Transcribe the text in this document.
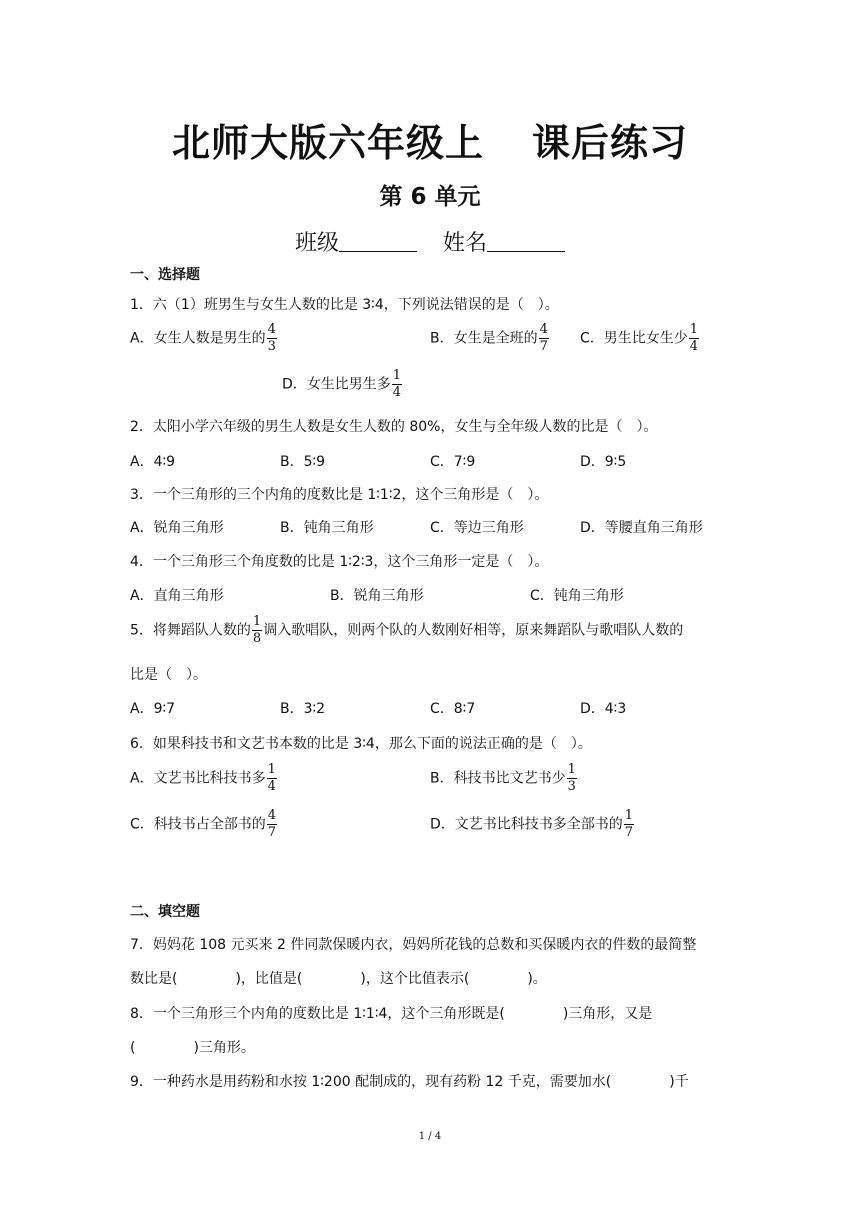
北师大版六年级上 课后练习
第 6 单元
班级	姓名
一、选择题
1．六（1）班男生与女生人数的比是 3∶4，下列说法错误的是（　）。
A．女生人数是男生的 $\frac{4}{3}$	B．女生是全班的 $\frac{4}{7}$ C．男生比女生少 $\frac{1}{4}$
D．女生比男生多 $\frac{1}{4}$
2．太阳小学六年级的男生人数是女生人数的 80%，女生与全年级人数的比是（　）。
A．4∶9	B．5∶9	C．7∶9	D．9∶5
3．一个三角形的三个内角的度数比是 1∶1∶2，这个三角形是（　）。
A．锐角三角形	B．钝角三角形	C．等边三角形	D．等腰直角三角形
4．一个三角形三个角度数的比是 1∶2∶3，这个三角形一定是（　）。
A．直角三角形	B．锐角三角形	C．钝角三角形
5．将舞蹈队人数的 $\frac{1}{8}$ 调入歌唱队，则两个队的人数刚好相等，原来舞蹈队与歌唱队人数的
比是（　）。
A．9∶7	B．3∶2	C．8∶7	D．4∶3
6．如果科技书和文艺书本数的比是 3∶4，那么下面的说法正确的是（　）。
A．文艺书比科技书多 $\frac{1}{4}$	B．科技书比文艺书少 $\frac{1}{3}$
C．科技书占全部书的 $\frac{4}{7}$	D．文艺书比科技书多全部书的 $\frac{1}{7}$
二、填空题
7．妈妈花 108 元买来 2 件同款保暖内衣，妈妈所花钱的总数和买保暖内衣的件数的最简整
数比是(	)，比值是(	)，这个比值表示(	)。
8．一个三角形三个内角的度数比是 1∶1∶4，这个三角形既是(	)三角形，又是
(	)三角形。
9．一种药水是用药粉和水按 1∶200 配制成的，现有药粉 12 千克，需要加水(	)千
1 / 4
